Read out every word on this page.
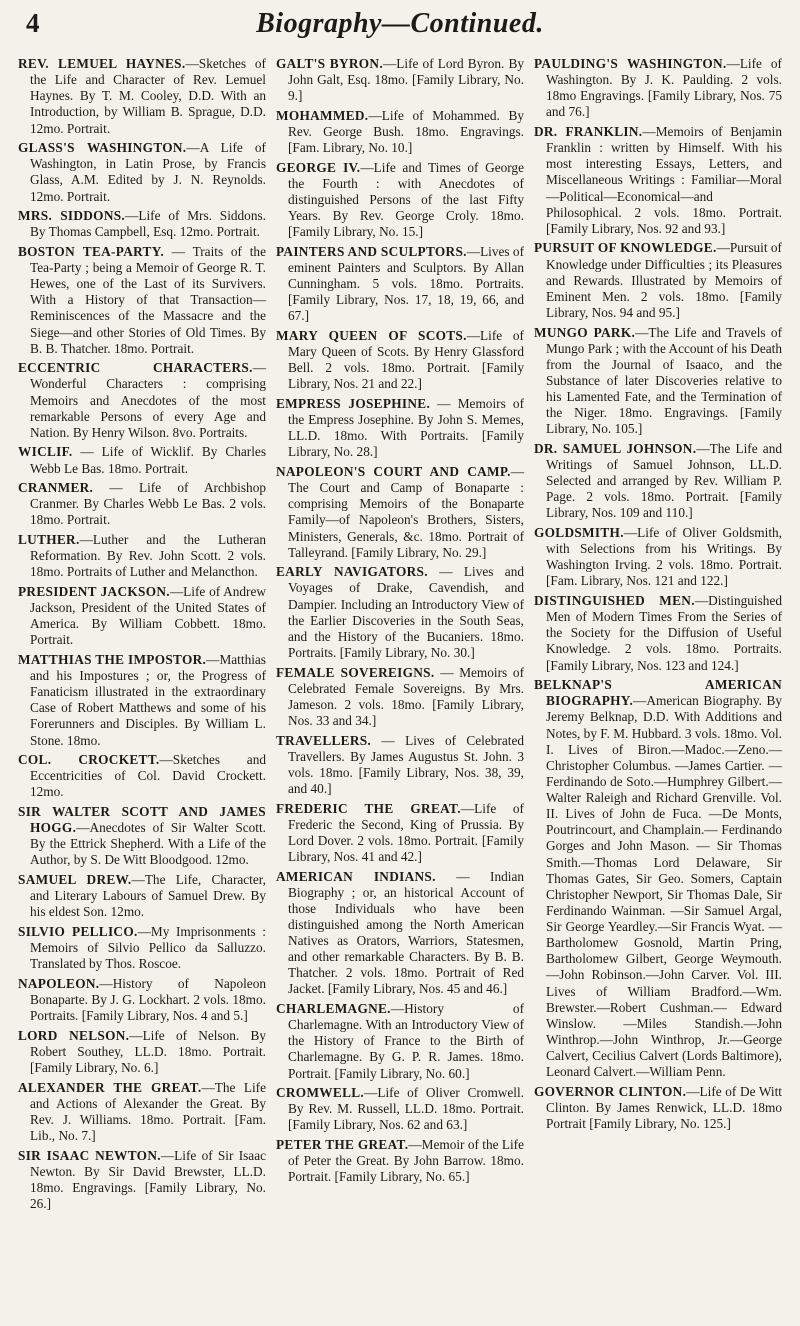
4	Biography—Continued.

REV. LEMUEL HAYNES.—Sketches of the Life and Character of Rev. Lemuel Haynes. By T. M. Cooley, D.D. With an Introduction, by William B. Sprague, D.D. 12mo. Portrait.

GLASS'S WASHINGTON.—A Life of Washington, in Latin Prose, by Francis Glass, A.M. Edited by J. N. Reynolds. 12mo. Portrait.

MRS. SIDDONS.—Life of Mrs. Siddons. By Thomas Campbell, Esq. 12mo. Portrait.

BOSTON TEA-PARTY. — Traits of the Tea-Party ; being a Memoir of George R. T. Hewes, one of the Last of its Survivers. With a History of that Transaction—Reminiscences of the Massacre and the Siege—and other Stories of Old Times. By B. B. Thatcher. 18mo. Portrait.

ECCENTRIC CHARACTERS.—Wonderful Characters : comprising Memoirs and Anecdotes of the most remarkable Persons of every Age and Nation. By Henry Wilson. 8vo. Portraits.

WICLIF. — Life of Wicklif. By Charles Webb Le Bas. 18mo. Portrait.

CRANMER. — Life of Archbishop Cranmer. By Charles Webb Le Bas. 2 vols. 18mo. Portrait.

LUTHER.—Luther and the Lutheran Reformation. By Rev. John Scott. 2 vols. 18mo. Portraits of Luther and Melancthon.

PRESIDENT JACKSON.—Life of Andrew Jackson, President of the United States of America. By William Cobbett. 18mo. Portrait.

MATTHIAS THE IMPOSTOR.—Matthias and his Impostures ; or, the Progress of Fanaticism illustrated in the extraordinary Case of Robert Matthews and some of his Forerunners and Disciples. By William L. Stone. 18mo.

COL. CROCKETT.—Sketches and Eccentricities of Col. David Crockett. 12mo.

SIR WALTER SCOTT AND JAMES HOGG.—Anecdotes of Sir Walter Scott. By the Ettrick Shepherd. With a Life of the Author, by S. De Witt Bloodgood. 12mo.

SAMUEL DREW.—The Life, Character, and Literary Labours of Samuel Drew. By his eldest Son. 12mo.

SILVIO PELLICO.—My Imprisonments : Memoirs of Silvio Pellico da Salluzzo. Translated by Thos. Roscoe.

NAPOLEON.—History of Napoleon Bonaparte. By J. G. Lockhart. 2 vols. 18mo. Portraits. [Family Library, Nos. 4 and 5.]

LORD NELSON.—Life of Nelson. By Robert Southey, LL.D. 18mo. Portrait. [Family Library, No. 6.]

ALEXANDER THE GREAT.—The Life and Actions of Alexander the Great. By Rev. J. Williams. 18mo. Portrait. [Fam. Lib., No. 7.]

SIR ISAAC NEWTON.—Life of Sir Isaac Newton. By Sir David Brewster, LL.D. 18mo. Engravings. [Family Library, No. 26.]

GALT'S BYRON.—Life of Lord Byron. By John Galt, Esq. 18mo. [Family Library, No. 9.]

MOHAMMED.—Life of Mohammed. By Rev. George Bush. 18mo. Engravings. [Fam. Library, No. 10.]

GEORGE IV.—Life and Times of George the Fourth : with Anecdotes of distinguished Persons of the last Fifty Years. By Rev. George Croly. 18mo. [Family Library, No. 15.]

PAINTERS AND SCULPTORS.—Lives of eminent Painters and Sculptors. By Allan Cunningham. 5 vols. 18mo. Portraits. [Family Library, Nos. 17, 18, 19, 66, and 67.]

MARY QUEEN OF SCOTS.—Life of Mary Queen of Scots. By Henry Glassford Bell. 2 vols. 18mo. Portrait. [Family Library, Nos. 21 and 22.]

EMPRESS JOSEPHINE. — Memoirs of the Empress Josephine. By John S. Memes, LL.D. 18mo. With Portraits. [Family Library, No. 28.]

NAPOLEON'S COURT AND CAMP.—The Court and Camp of Bonaparte : comprising Memoirs of the Bonaparte Family—of Napoleon's Brothers, Sisters, Ministers, Generals, &c. 18mo. Portrait of Talleyrand. [Family Library, No. 29.]

EARLY NAVIGATORS. — Lives and Voyages of Drake, Cavendish, and Dampier. Including an Introductory View of the Earlier Discoveries in the South Seas, and the History of the Bucaniers. 18mo. Portraits. [Family Library, No. 30.]

FEMALE SOVEREIGNS. — Memoirs of Celebrated Female Sovereigns. By Mrs. Jameson. 2 vols. 18mo. [Family Library, Nos. 33 and 34.]

TRAVELLERS. — Lives of Celebrated Travellers. By James Augustus St. John. 3 vols. 18mo. [Family Library, Nos. 38, 39, and 40.]

FREDERIC THE GREAT.—Life of Frederic the Second, King of Prussia. By Lord Dover. 2 vols. 18mo. Portrait. [Family Library, Nos. 41 and 42.]

AMERICAN INDIANS. — Indian Biography ; or, an historical Account of those Individuals who have been distinguished among the North American Natives as Orators, Warriors, Statesmen, and other remarkable Characters. By B. B. Thatcher. 2 vols. 18mo. Portrait of Red Jacket. [Family Library, Nos. 45 and 46.]

CHARLEMAGNE.—History of Charlemagne. With an Introductory View of the History of France to the Birth of Charlemagne. By G. P. R. James. 18mo. Portrait. [Family Library, No. 60.]

CROMWELL.—Life of Oliver Cromwell. By Rev. M. Russell, LL.D. 18mo. Portrait. [Family Library, Nos. 62 and 63.]

PETER THE GREAT.—Memoir of the Life of Peter the Great. By John Barrow. 18mo. Portrait. [Family Library, No. 65.]

PAULDING'S WASHINGTON.—Life of Washington. By J. K. Paulding. 2 vols. 18mo Engravings. [Family Library, Nos. 75 and 76.]

DR. FRANKLIN.—Memoirs of Benjamin Franklin : written by Himself. With his most interesting Essays, Letters, and Miscellaneous Writings : Familiar—Moral—Political—Economical—and Philosophical. 2 vols. 18mo. Portrait. [Family Library, Nos. 92 and 93.]

PURSUIT OF KNOWLEDGE.—Pursuit of Knowledge under Difficulties ; its Pleasures and Rewards. Illustrated by Memoirs of Eminent Men. 2 vols. 18mo. [Family Library, Nos. 94 and 95.]

MUNGO PARK.—The Life and Travels of Mungo Park ; with the Account of his Death from the Journal of Isaaco, and the Substance of later Discoveries relative to his Lamented Fate, and the Termination of the Niger. 18mo. Engravings. [Family Library, No. 105.]

DR. SAMUEL JOHNSON.—The Life and Writings of Samuel Johnson, LL.D. Selected and arranged by Rev. William P. Page. 2 vols. 18mo. Portrait. [Family Library, Nos. 109 and 110.]

GOLDSMITH.—Life of Oliver Goldsmith, with Selections from his Writings. By Washington Irving. 2 vols. 18mo. Portrait. [Fam. Library, Nos. 121 and 122.]

DISTINGUISHED MEN.—Distinguished Men of Modern Times From the Series of the Society for the Diffusion of Useful Knowledge. 2 vols. 18mo. Portraits. [Family Library, Nos. 123 and 124.]

BELKNAP'S AMERICAN BIOGRAPHY.—American Biography. By Jeremy Belknap, D.D. With Additions and Notes, by F. M. Hubbard. 3 vols. 18mo. Vol. I. Lives of Biron.—Madoc.—Zeno.—Christopher Columbus. —James Cartier. — Ferdinando de Soto.—Humphrey Gilbert.—Walter Raleigh and Richard Grenville. Vol. II. Lives of John de Fuca. —De Monts, Poutrincourt, and Champlain.— Ferdinando Gorges and John Mason. — Sir Thomas Smith.—Thomas Lord Delaware, Sir Thomas Gates, Sir Geo. Somers, Captain Christopher Newport, Sir Thomas Dale, Sir Ferdinando Wainman. —Sir Samuel Argal, Sir George Yeardley.—Sir Francis Wyat. —Bartholomew Gosnold, Martin Pring, Bartholomew Gilbert, George Weymouth.—John Robinson.—John Carver. Vol. III. Lives of William Bradford.—Wm. Brewster.—Robert Cushman.— Edward Winslow. —Miles Standish.—John Winthrop.—John Winthrop, Jr.—George Calvert, Cecilius Calvert (Lords Baltimore), Leonard Calvert.—William Penn.

GOVERNOR CLINTON.—Life of De Witt Clinton. By James Renwick, LL.D. 18mo Portrait [Family Library, No. 125.]
